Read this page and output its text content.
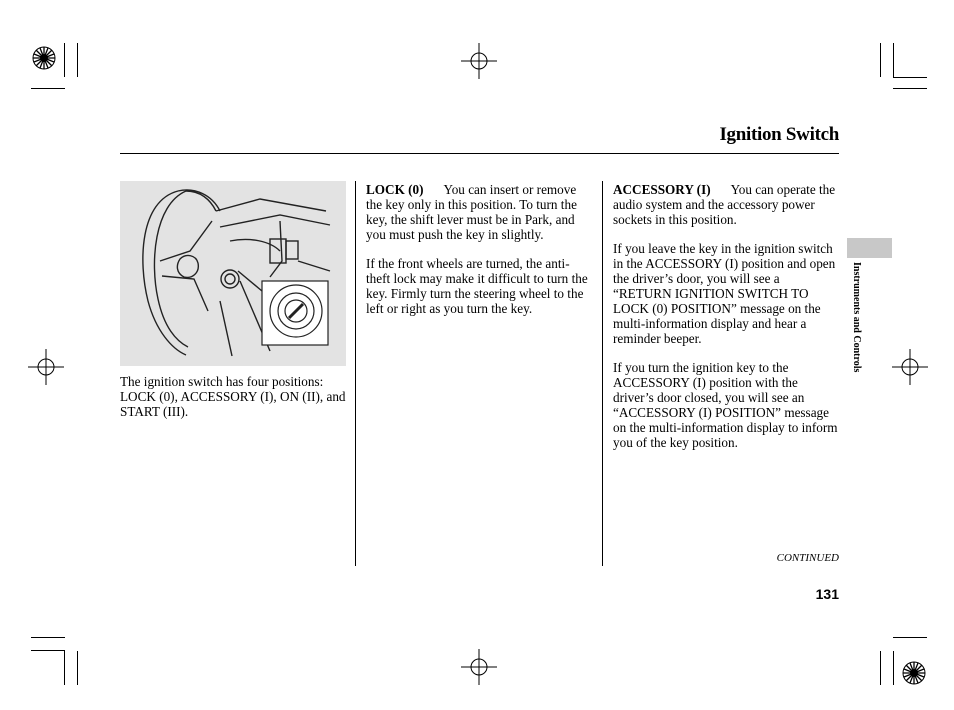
Ignition Switch

The ignition switch has four positions: LOCK (0), ACCESSORY (I), ON (II), and START (III).

LOCK (0) You can insert or remove the key only in this position. To turn the key, the shift lever must be in Park, and you must push the key in slightly.

If the front wheels are turned, the anti-theft lock may make it difficult to turn the key. Firmly turn the steering wheel to the left or right as you turn the key.

ACCESSORY (I) You can operate the audio system and the accessory power sockets in this position.

If you leave the key in the ignition switch in the ACCESSORY (I) position and open the driver’s door, you will see a “RETURN IGNITION SWITCH TO LOCK (0) POSITION” message on the multi-information display and hear a reminder beeper.

If you turn the ignition key to the ACCESSORY (I) position with the driver’s door closed, you will see an “ACCESSORY (I) POSITION” message on the multi-information display to inform you of the key position.

Instruments and Controls
CONTINUED
131
